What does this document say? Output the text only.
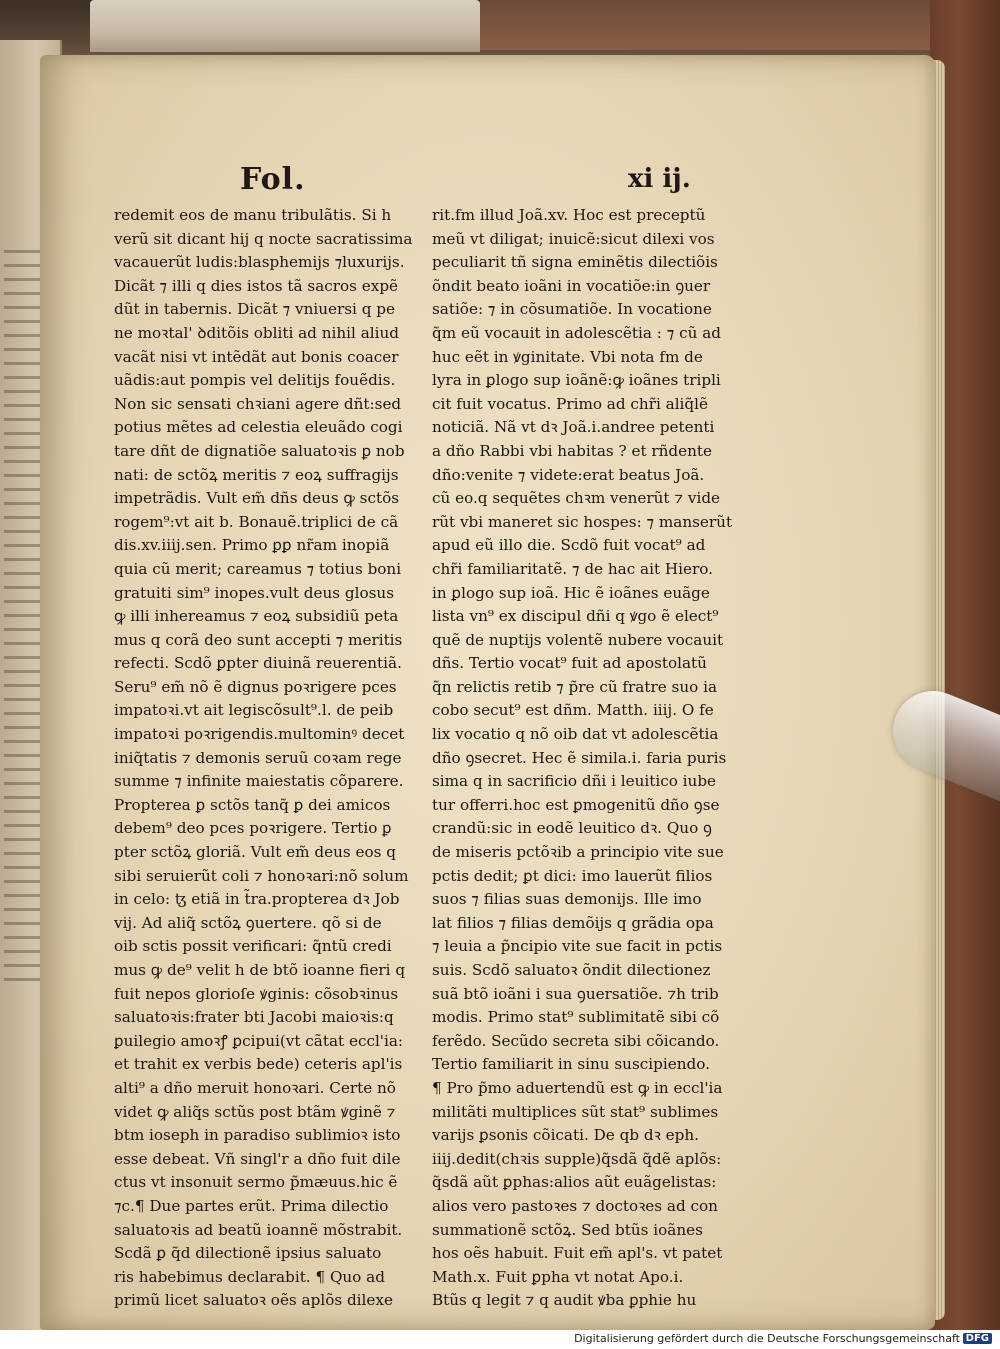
Fol.	xi ij.
redemit eos de manu tribulãtis. Si h
verũ sit dicant hij q nocte sacratissima
vacauerũt ludis:blasphemijs ⁊luxurijs.
Dicãt ⁊ illi q dies istos tã sacros expẽ
dũt in tabernis. Dicãt ⁊ vniuersi q pe
ne moꝛtal' ꝺditõis obliti ad nihil aliud
vacãt nisi vt intẽdãt aut bonis coacer
uãdis:aut pompis vel delitijs fouẽdis.
Non sic sensati chꝛiani agere dñt:sed
potius mẽtes ad celestia eleuãdo cogi
tare dñt de dignatiõe saluatoꝛis ꝑ nob
nati: de sctõꝝ meritis ⁊ eoꝝ suffragijs
impetrãdis. Vult em̃ dñs deus ꝙ sctõs
rogem⁹:vt ait b. Bonauẽ.triplici de cã
dis.xv.iiij.sen. Primo ꝑꝑ nr̃am inopiã
quia cũ merit; careamus ⁊ totius boni
gratuiti sim⁹ inopes.vult deus glosus
ꝙ illi inhereamus ⁊ eoꝝ subsidiũ peta
mus q corã deo sunt accepti ⁊ meritis
refecti. Scdõ ꝑpter diuinã reuerentiã.
Seru⁹ em̃ nõ ẽ dignus poꝛrigere pces
impatoꝛi.vt ait legiscõsult⁹.l. de peib
impatoꝛi poꝛrigendis.multominꝰ decet
iniq̃tatis ⁊ demonis seruũ coꝛam rege
summe ⁊ infinite maiestatis cõparere.
Propterea ꝑ sctõs tanq̃ ꝑ dei amicos
debem⁹ deo pces poꝛrigere. Tertio ꝑ
pter sctõꝝ gloriã. Vult em̃ deus eos q
sibi seruierũt coli ⁊ honoꝛari:nõ solum
in celo: ꜩ etiã in t̃ra.propterea dꝛ Job
vij. Ad aliq̃ sctõꝝ ꝯuertere. qõ si de
oib sctis possit verificari: q̃ntũ credi
mus ꝙ de⁹ velit h de btõ ioanne fieri q
fuit nepos glorioſe ꝟginis: cõsobꝛinus
saluatoꝛis:frater bti Jacobi maioꝛis:q
ꝑuilegio amoꝛꝭ ꝑcipui(vt cãtat eccl'ia:
et trahit ex verbis bede) ceteris apl'is
alti⁹ a dño meruit honoꝛari. Certe nõ
videt ꝙ aliq̃s sctũs post btãm ꝟginẽ ⁊
btm ioseph in paradiso sublimioꝛ isto
esse debeat. Vñ singl'r a dño fuit dile
ctus vt insonuit sermo p̃mæuus.hic ẽ
⁊c.¶ Due partes erũt. Prima dilectio
saluatoꝛis ad beatũ ioannẽ mõstrabit.
Scdã ꝑ q̃d dilectionẽ ipsius saluato
ris habebimus declarabit. ¶ Quo ad
primũ licet saluatoꝛ oẽs aplõs dilexe
rit.fm illud Joã.xv. Hoc est preceptũ
meũ vt diligat; inuicẽ:sicut dilexi vos
peculiarit tñ signa eminẽtis dilectiõis
õndit beato ioãni in vocatiõe:in ꝯuer
satiõe: ⁊ in cõsumatiõe. In vocatione
q̃m eũ vocauit in adolescẽtia : ⁊ cũ ad
huc eẽt in ꝟginitate. Vbi nota fm de
lyra in ꝑlogo sup ioãnẽ:ꝙ ioãnes tripli
cit fuit vocatus. Primo ad chr̃i aliq̃lẽ
noticiã. Nã vt dꝛ Joã.i.andree petenti
a dño Rabbi vbi habitas ? et rñdente
dño:venite ⁊ videte:erat beatus Joã.
cũ eo.q sequẽtes chꝛm venerũt ⁊ vide
rũt vbi maneret sic hospes: ⁊ manserũt
apud eũ illo die. Scdõ fuit vocat⁹ ad
chr̃i familiaritatẽ. ⁊ de hac ait Hiero.
in ꝑlogo sup ioã. Hic ẽ ioãnes euãge
lista vn⁹ ex discipul dñi q ꝟgo ẽ elect⁹
quẽ de nuptijs volentẽ nubere vocauit
dñs. Tertio vocat⁹ fuit ad apostolatũ
q̃n relictis retib ⁊ p̃re cũ fratre suo ia
cobo secut⁹ est dñm. Matth. iiij. O fe
lix vocatio q nõ oib dat vt adolescẽtia
dño ꝯsecret. Hec ẽ simila.i. faria puris
sima q in sacrificio dñi i leuitico iube
tur offerri.hoc est ꝑmogenitũ dño ꝯse
crandũ:sic in eodẽ leuitico dꝛ. Quo ꝯ
de miseris pctõꝛib a principio vite sue
pctis dedit; ꝑt dici: imo lauerũt filios
suos ⁊ filias suas demonijs. Ille imo
lat filios ⁊ filias demõijs q grãdia opa
⁊ leuia a p̃ncipio vite sue facit in pctis
suis. Scdõ saluatoꝛ õndit dilectionez
suã btõ ioãni i sua ꝯuersatiõe. ⁊h trib
modis. Primo stat⁹ sublimitatẽ sibi cõ
ferẽdo. Secũdo secreta sibi cõicando.
Tertio familiarit in sinu suscipiendo.
¶ Pro p̃mo aduertendũ est ꝙ in eccl'ia
militãti multiplices sũt stat⁹ sublimes
varijs ꝑsonis cõicati. De qb dꝛ eph.
iiij.dedit(chꝛis supple)q̃sdã q̃dẽ aplõs:
q̃sdã aũt ꝑphas:alios aũt euãgelistas:
alios vero pastoꝛes ⁊ doctoꝛes ad con
summationẽ sctõꝝ. Sed btũs ioãnes
hos oẽs habuit. Fuit em̃ apl's. vt patet
Math.x. Fuit ꝑpha vt notat Apo.i.
Btũs q legit ⁊ q audit ꝟba ꝑphie hu
Digitalisierung gefördert durch die Deutsche Forschungsgemeinschaft DFG
